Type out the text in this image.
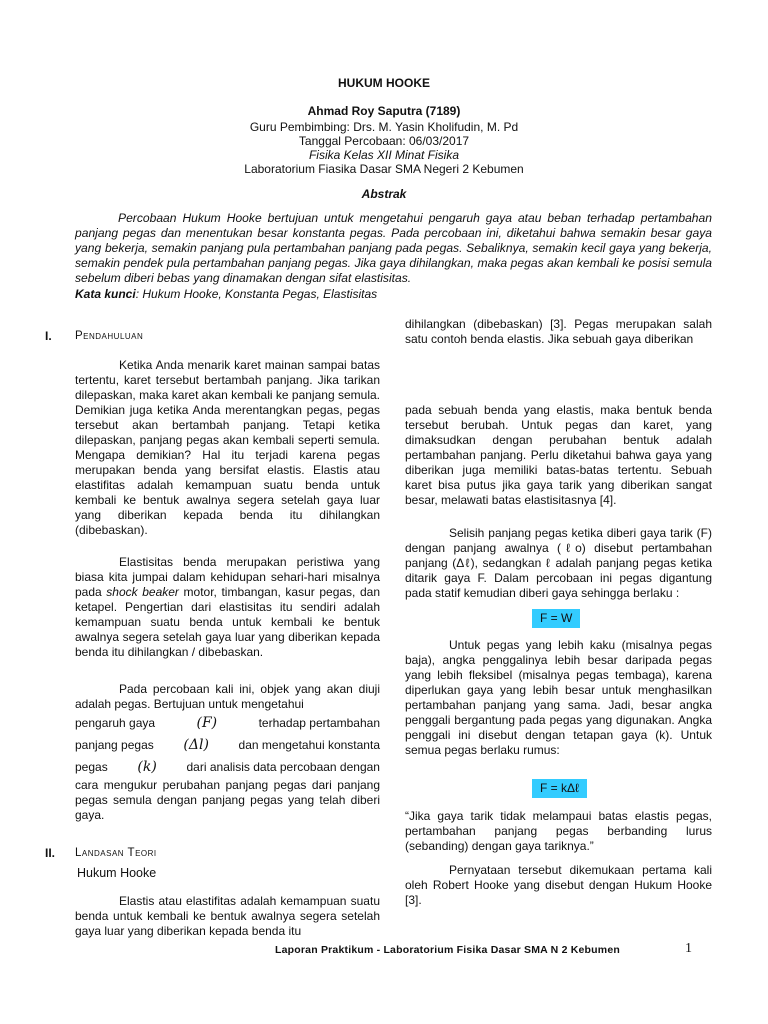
HUKUM HOOKE
Ahmad Roy Saputra (7189)
Guru Pembimbing: Drs. M. Yasin Kholifudin, M. Pd
Tanggal Percobaan: 06/03/2017
Fisika Kelas XII Minat Fisika
Laboratorium Fiasika Dasar SMA Negeri 2 Kebumen
Abstrak

Percobaan Hukum Hooke bertujuan untuk mengetahui pengaruh gaya atau beban terhadap pertambahan panjang pegas dan menentukan besar konstanta pegas. Pada percobaan ini, diketahui bahwa semakin besar gaya yang bekerja, semakin panjang pula pertambahan panjang pada pegas. Sebaliknya, semakin kecil gaya yang bekerja, semakin pendek pula pertambahan panjang pegas. Jika gaya dihilangkan, maka pegas akan kembali ke posisi semula sebelum diberi bebas yang dinamakan dengan sifat elastisitas.

Kata kunci: Hukum Hooke, Konstanta Pegas, Elastisitas
I. Pendahuluan

Ketika Anda menarik karet mainan sampai batas tertentu, karet tersebut bertambah panjang. Jika tarikan dilepaskan, maka karet akan kembali ke panjang semula. Demikian juga ketika Anda merentangkan pegas, pegas tersebut akan bertambah panjang. Tetapi ketika dilepaskan, panjang pegas akan kembali seperti semula. Mengapa demikian? Hal itu terjadi karena pegas merupakan benda yang bersifat elastis. Elastis atau elastifitas adalah kemampuan suatu benda untuk kembali ke bentuk awalnya segera setelah gaya luar yang diberikan kepada benda itu dihilangkan (dibebaskan).

Elastisitas benda merupakan peristiwa yang biasa kita jumpai dalam kehidupan sehari-hari misalnya pada shock beaker motor, timbangan, kasur pegas, dan ketapel. Pengertian dari elastisitas itu sendiri adalah kemampuan suatu benda untuk kembali ke bentuk awalnya segera setelah gaya luar yang diberikan kepada benda itu dihilangkan / dibebaskan.

Pada percobaan kali ini, objek yang akan diuji adalah pegas. Bertujuan untuk mengetahui

pengaruh gaya	(F)	terhadap pertambahan
panjang pegas (Δl) dan mengetahui konstanta
pegas (k) dari analisis data percobaan dengan

cara mengukur perubahan panjang pegas dari panjang pegas semula dengan panjang pegas yang telah diberi gaya.

II. Landasan Teori
Hukum Hooke

Elastis atau elastifitas adalah kemampuan suatu benda untuk kembali ke bentuk awalnya segera setelah gaya luar yang diberikan kepada benda itu

dihilangkan (dibebaskan) [3]. Pegas merupakan salah satu contoh benda elastis. Jika sebuah gaya diberikan

pada sebuah benda yang elastis, maka bentuk benda tersebut berubah. Untuk pegas dan karet, yang dimaksudkan dengan perubahan bentuk adalah pertambahan panjang. Perlu diketahui bahwa gaya yang diberikan juga memiliki batas-batas tertentu. Sebuah karet bisa putus jika gaya tarik yang diberikan sangat besar, melawati batas elastisitasnya [4].

Selisih panjang pegas ketika diberi gaya tarik (F) dengan panjang awalnya (ℓo) disebut pertambahan panjang (Δℓ), sedangkan ℓ adalah panjang pegas ketika ditarik gaya F. Dalam percobaan ini pegas digantung pada statif kemudian diberi gaya sehingga berlaku :

F = W

Untuk pegas yang lebih kaku (misalnya pegas baja), angka penggalinya lebih besar daripada pegas yang lebih fleksibel (misalnya pegas tembaga), karena diperlukan gaya yang lebih besar untuk menghasilkan pertambahan panjang yang sama. Jadi, besar angka penggali bergantung pada pegas yang digunakan. Angka penggali ini disebut dengan tetapan gaya (k). Untuk semua pegas berlaku rumus:

F = kΔℓ

“Jika gaya tarik tidak melampaui batas elastis pegas, pertambahan panjang pegas berbanding lurus (sebanding) dengan gaya tariknya.”

Pernyataan tersebut dikemukaan pertama kali oleh Robert Hooke yang disebut dengan Hukum Hooke [3].

Laporan Praktikum - Laboratorium Fisika Dasar SMA N 2 Kebumen	1
